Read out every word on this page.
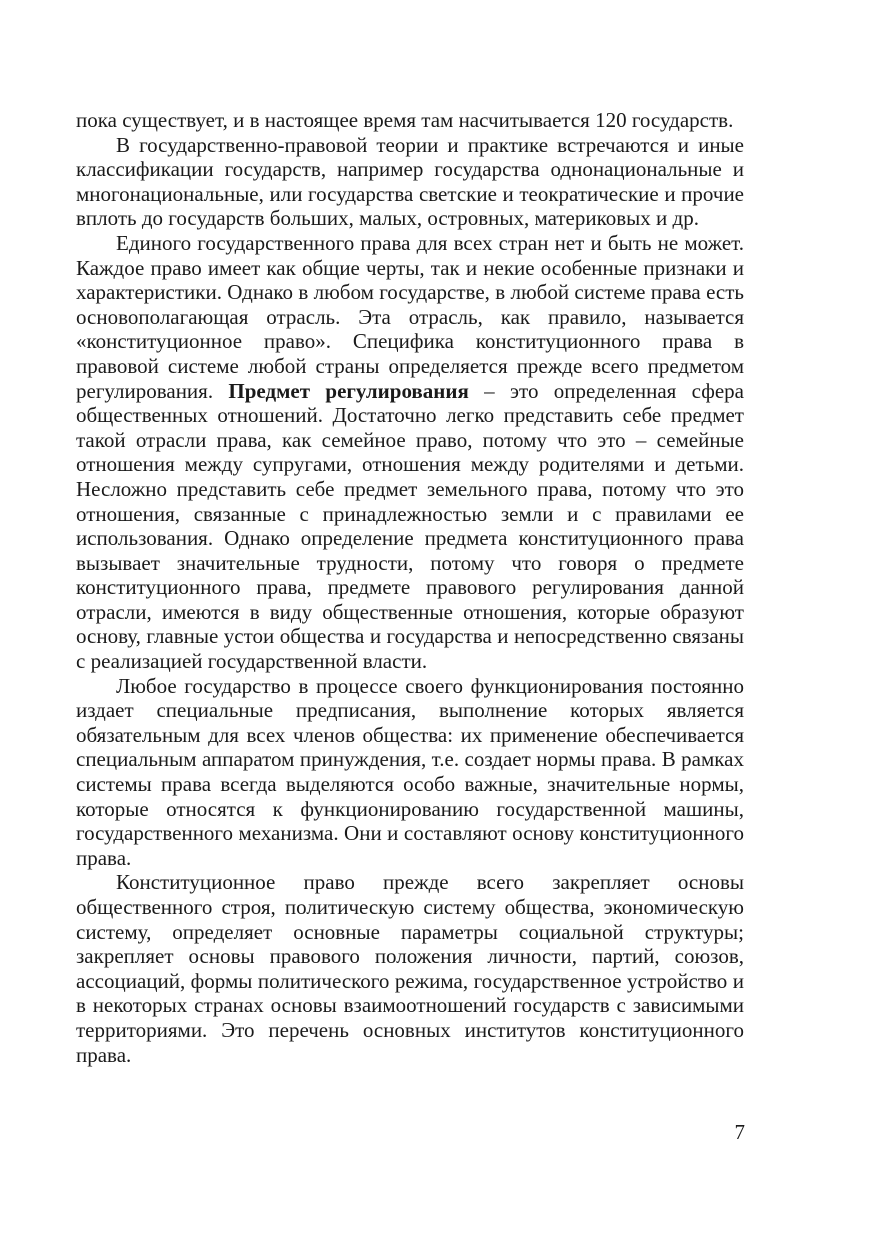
пока существует, и в настоящее время там насчитывается 120 государств.

В государственно-правовой теории и практике встречаются и иные классификации государств, например государства однонациональные и многонациональные, или государства светские и теократические и прочие вплоть до государств больших, малых, островных, материковых и др.

Единого государственного права для всех стран нет и быть не может. Каждое право имеет как общие черты, так и некие особенные признаки и характеристики. Однако в любом государстве, в любой системе права есть основополагающая отрасль. Эта отрасль, как правило, называется «конституционное право». Специфика конституционного права в правовой системе любой страны определяется прежде всего предметом регулирования. Предмет регулирования – это определенная сфера общественных отношений. Достаточно легко представить себе предмет такой отрасли права, как семейное право, потому что это – семейные отношения между супругами, отношения между родителями и детьми. Несложно представить себе предмет земельного права, потому что это отношения, связанные с принадлежностью земли и с правилами ее использования. Однако определение предмета конституционного права вызывает значительные трудности, потому что говоря о предмете конституционного права, предмете правового регулирования данной отрасли, имеются в виду общественные отношения, которые образуют основу, главные устои общества и государства и непосредственно связаны с реализацией государственной власти.

Любое государство в процессе своего функционирования постоянно издает специальные предписания, выполнение которых является обязательным для всех членов общества: их применение обеспечивается специальным аппаратом принуждения, т.е. создает нормы права. В рамках системы права всегда выделяются особо важные, значительные нормы, которые относятся к функционированию государственной машины, государственного механизма. Они и составляют основу конституционного права.

Конституционное право прежде всего закрепляет основы общественного строя, политическую систему общества, экономическую систему, определяет основные параметры социальной структуры; закрепляет основы правового положения личности, партий, союзов, ассоциаций, формы политического режима, государственное устройство и в некоторых странах основы взаимоотношений государств с зависимыми территориями. Это перечень основных институтов конституционного права.

7
